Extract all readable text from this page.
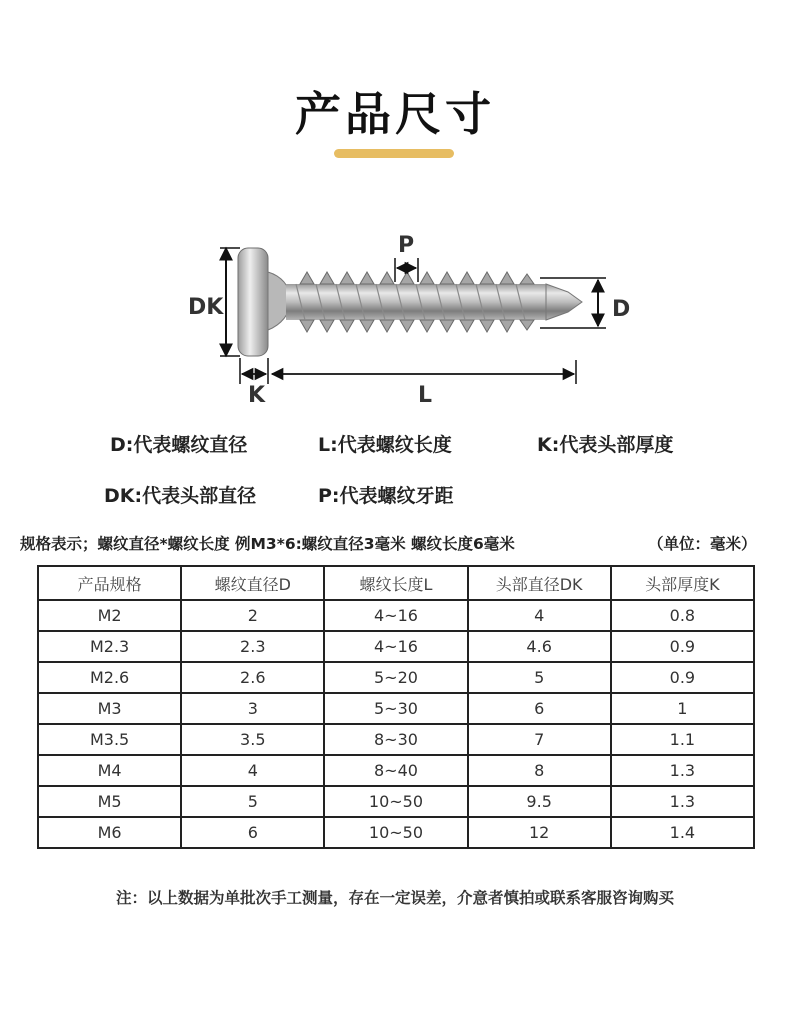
产品尺寸
DK
P
D
K	L
D:代表螺纹直径	L:代表螺纹长度	K:代表头部厚度
DK:代表头部直径	P:代表螺纹牙距
规格表示；螺纹直径*螺纹长度 例M3*6:螺纹直径3毫米 螺纹长度6毫米	（单位：毫米）
产品规格	螺纹直径D	螺纹长度L	头部直径DK	头部厚度K
M2	2	4~16	4	0.8
M2.3	2.3	4~16	4.6	0.9
M2.6	2.6	5~20	5	0.9
M3	3	5~30	6	1
M3.5	3.5	8~30	7	1.1
M4	4	8~40	8	1.3
M5	5	10~50	9.5	1.3
M6	6	10~50	12	1.4
注：以上数据为单批次手工测量，存在一定误差，介意者慎拍或联系客服咨询购买
